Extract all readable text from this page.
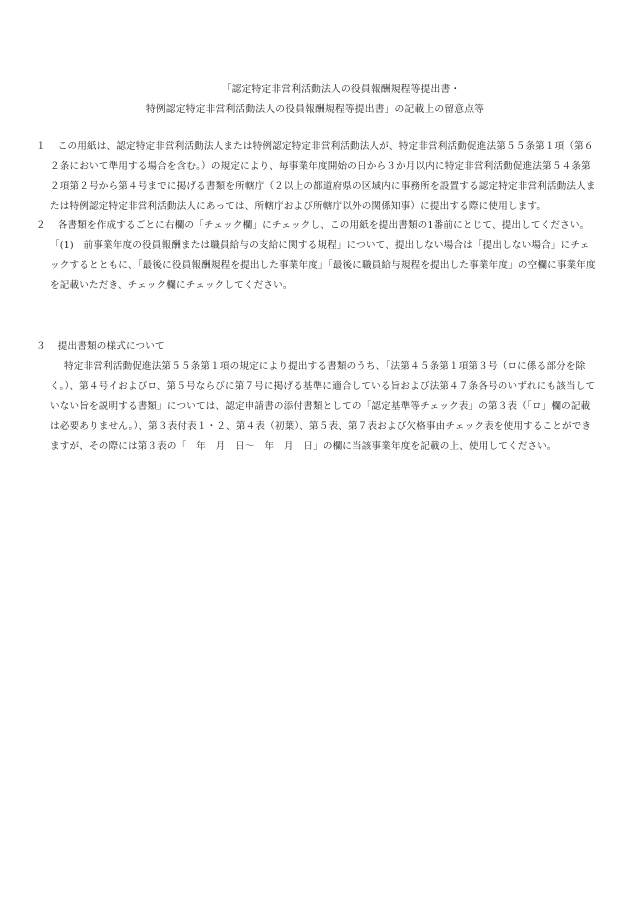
「認定特定非営利活動法人の役員報酬規程等提出書・
特例認定特定非営利活動法人の役員報酬規程等提出書」の記載上の留意点等
１　この用紙は、認定特定非営利活動法人または特例認定特定非営利活動法人が、特定非営利活動促進法第５５条第１項（第６２条において準用する場合を含む。）の規定により、毎事業年度開始の日から３か月以内に特定非営利活動促進法第５４条第２項第２号から第４号までに掲げる書類を所轄庁（２以上の都道府県の区域内に事務所を設置する認定特定非営利活動法人または特例認定特定非営利活動法人にあっては、所轄庁および所轄庁以外の関係知事）に提出する際に使用します。
２　各書類を作成するごとに右欄の「チェック欄」にチェックし、この用紙を提出書類の1番前にとじて、提出してください。「(1)　前事業年度の役員報酬または職員給与の支給に関する規程」について、提出しない場合は「提出しない場合」にチェックするとともに、「最後に役員報酬規程を提出した事業年度」「最後に職員給与規程を提出した事業年度」の空欄に事業年度を記載いただき、チェック欄にチェックしてください。
３　提出書類の様式について
特定非営利活動促進法第５５条第１項の規定により提出する書類のうち、「法第４５条第１項第３号（ロに係る部分を除く。）、第４号イおよびロ、第５号ならびに第７号に掲げる基準に適合している旨および法第４７条各号のいずれにも該当していない旨を説明する書類」については、認定申請書の添付書類としての「認定基準等チェック表」の第３表（「ロ」欄の記載は必要ありません。）、第３表付表１・２、第４表（初葉）、第５表、第７表および欠格事由チェック表を使用することができますが、その際には第３表の「　年　月　日～　年　月　日」の欄に当該事業年度を記載の上、使用してください。
